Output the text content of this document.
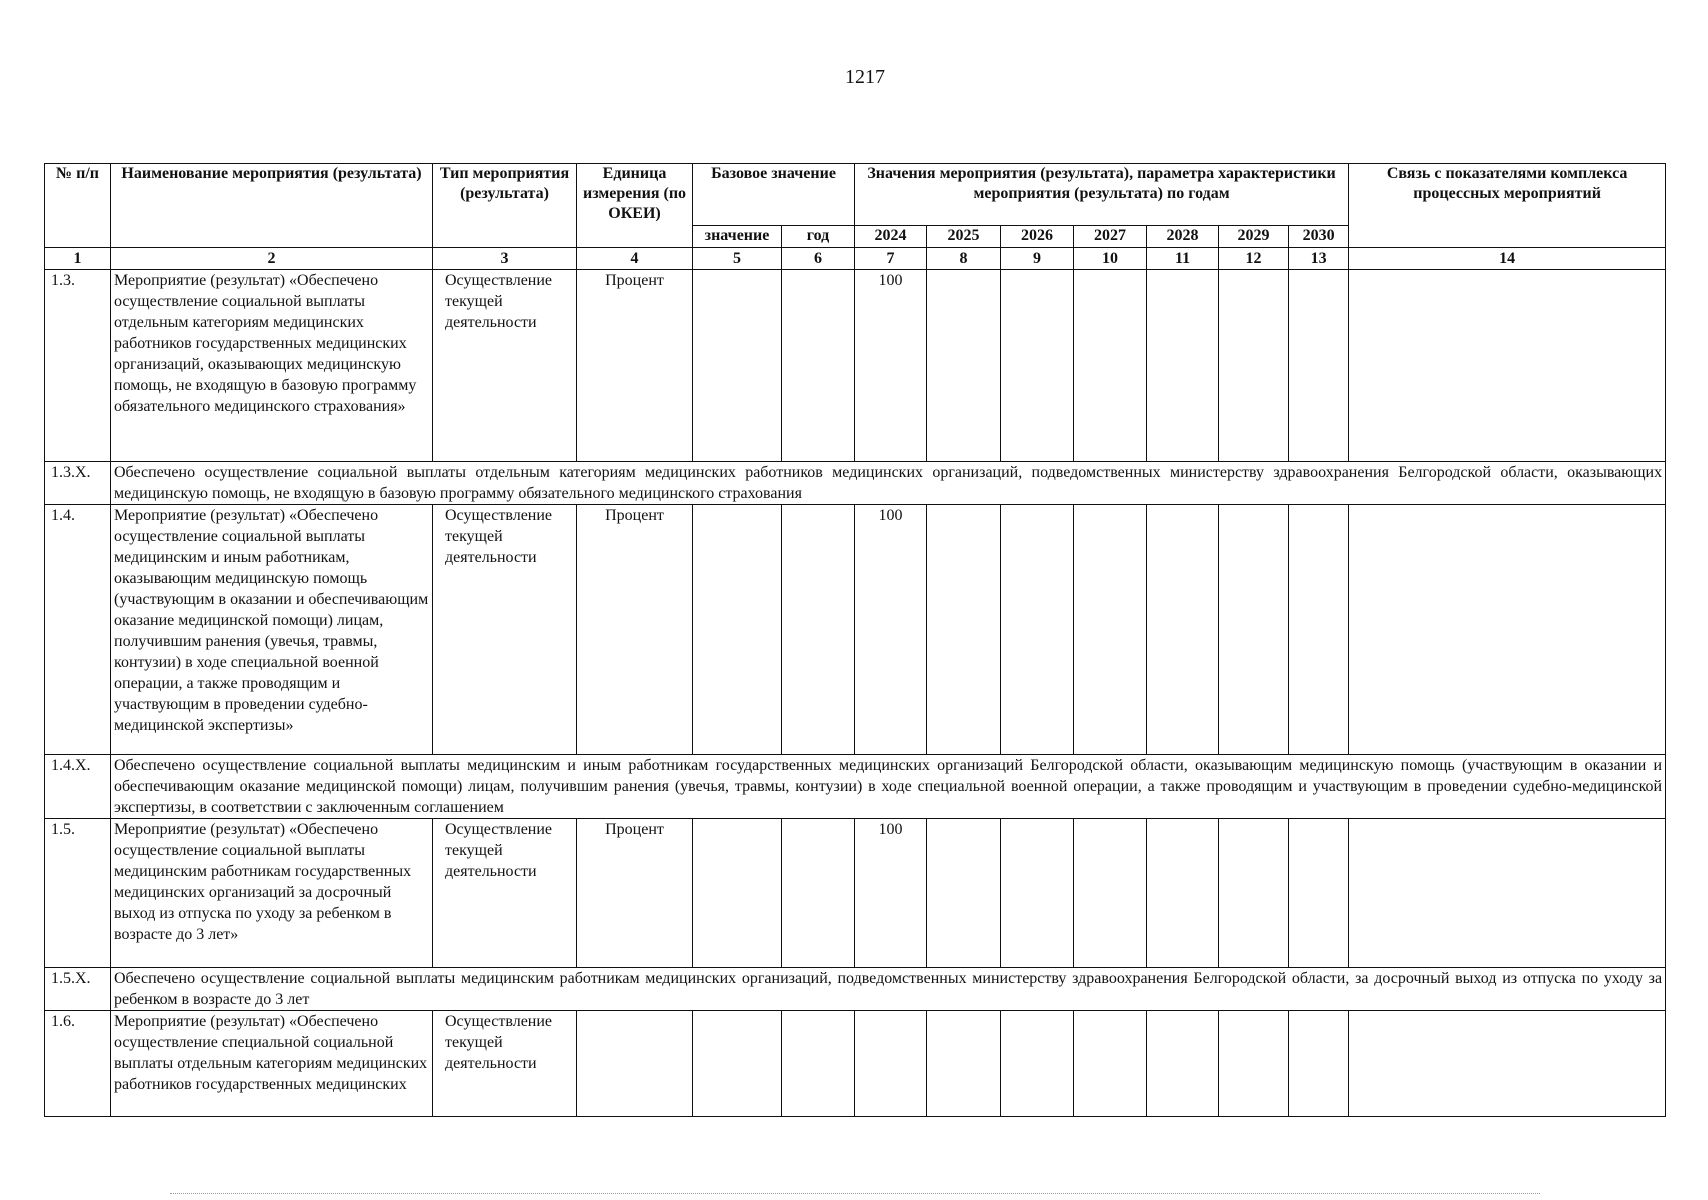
1217
№ п/п	Наименование мероприятия (результата)	Тип мероприятия (результата)	Единица измерения (по ОКЕИ)	Базовое значение		Значения мероприятия (результата), параметра характеристики мероприятия (результата) по годам							Связь с показателями комплекса процессных мероприятий
				значение	год	2024	2025	2026	2027	2028	2029	2030	
1	2	3	4	5	6	7	8	9	10	11	12	13	14
1.3.	Мероприятие (результат) «Обеспечено осуществление социальной выплаты отдельным категориям медицинских работников государственных медицинских организаций, оказывающих медицинскую помощь, не входящую в базовую программу обязательного медицинского страхования»	Осуществление текущей деятельности	Процент			100							
1.3.Х.	Обеспечено осуществление социальной выплаты отдельным категориям медицинских работников медицинских организаций, подведомственных министерству здравоохранения Белгородской области, оказывающих медицинскую помощь, не входящую в базовую программу обязательного медицинского страхования												
1.4.	Мероприятие (результат) «Обеспечено осуществление социальной выплаты медицинским и иным работникам, оказывающим медицинскую помощь (участвующим в оказании и обеспечивающим оказание медицинской помощи) лицам, получившим ранения (увечья, травмы, контузии) в ходе специальной военной операции, а также проводящим и участвующим в проведении судебно-медицинской экспертизы»	Осуществление текущей деятельности	Процент			100							
1.4.Х.	Обеспечено осуществление социальной выплаты медицинским и иным работникам государственных медицинских организаций Белгородской области, оказывающим медицинскую помощь (участвующим в оказании и обеспечивающим оказание медицинской помощи) лицам, получившим ранения (увечья, травмы, контузии) в ходе специальной военной операции, а также проводящим и участвующим в проведении судебно-медицинской экспертизы, в соответствии с заключенным соглашением												
1.5.	Мероприятие (результат) «Обеспечено осуществление социальной выплаты медицинским работникам государственных медицинских организаций за досрочный выход из отпуска по уходу за ребенком в возрасте до 3 лет»	Осуществление текущей деятельности	Процент			100							
1.5.Х.	Обеспечено осуществление социальной выплаты медицинским работникам медицинских организаций, подведомственных министерству здравоохранения Белгородской области, за досрочный выход из отпуска по уходу за ребенком в возрасте до 3 лет												
1.6.	Мероприятие (результат) «Обеспечено осуществление специальной социальной выплаты отдельным категориям медицинских работников государственных медицинских	Осуществление текущей деятельности											
